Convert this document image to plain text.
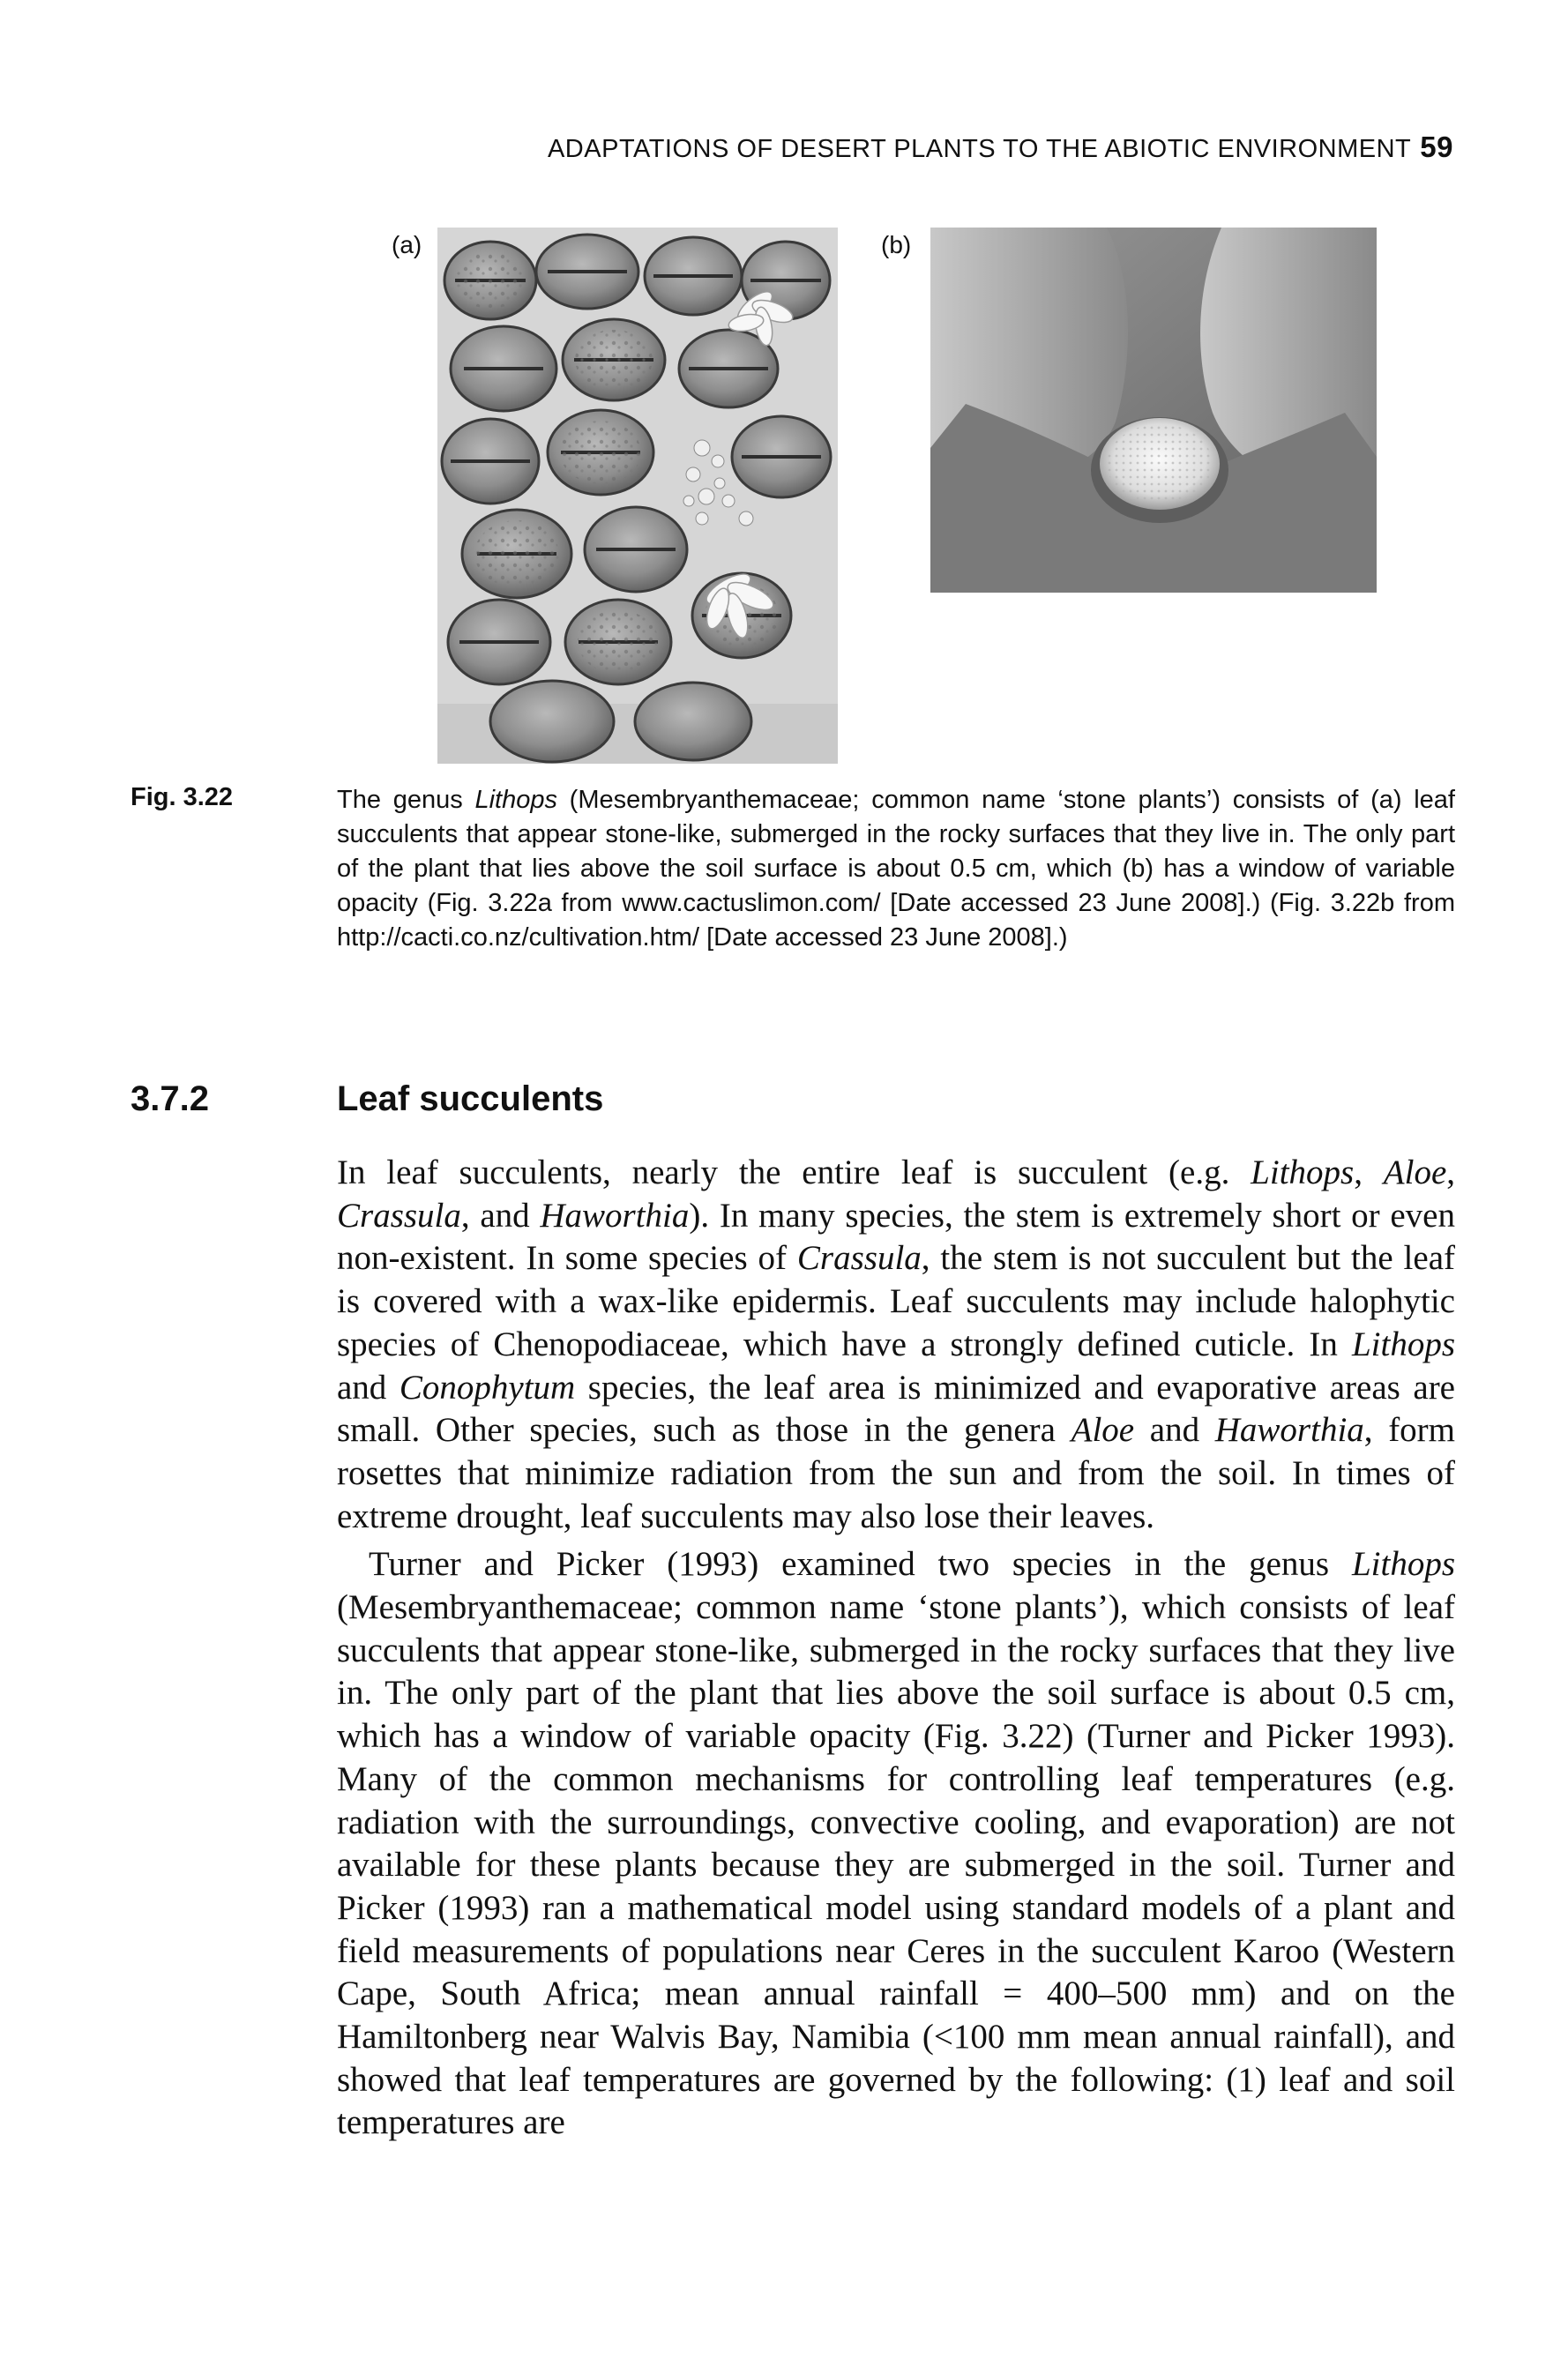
ADAPTATIONS OF DESERT PLANTS TO THE ABIOTIC ENVIRONMENT 59
(a)	(b)
Fig. 3.22	The genus Lithops (Mesembryanthemaceae; common name ‘stone plants’) consists of (a) leaf succulents that appear stone-like, submerged in the rocky surfaces that they live in. The only part of the plant that lies above the soil surface is about 0.5 cm, which (b) has a window of variable opacity (Fig. 3.22a from www.cactuslimon.com/ [Date accessed 23 June 2008].) (Fig. 3.22b from http://cacti.co.nz/cultivation.htm/ [Date accessed 23 June 2008].)
3.7.2	Leaf succulents

In leaf succulents, nearly the entire leaf is succulent (e.g. Lithops, Aloe, Crassula, and Haworthia). In many species, the stem is extremely short or even non-existent. In some species of Crassula, the stem is not succulent but the leaf is covered with a wax-like epidermis. Leaf succulents may include halophytic species of Chenopodiaceae, which have a strongly defined cuticle. In Lithops and Conophytum species, the leaf area is minimized and evaporative areas are small. Other species, such as those in the genera Aloe and Haworthia, form rosettes that minimize radiation from the sun and from the soil. In times of extreme drought, leaf succulents may also lose their leaves.

Turner and Picker (1993) examined two species in the genus Lithops (Mesembryanthemaceae; common name ‘stone plants’), which consists of leaf succulents that appear stone-like, submerged in the rocky surfaces that they live in. The only part of the plant that lies above the soil surface is about 0.5 cm, which has a window of variable opacity (Fig. 3.22) (Turner and Picker 1993). Many of the common mechanisms for controlling leaf temperatures (e.g. radiation with the surroundings, convective cooling, and evaporation) are not available for these plants because they are submerged in the soil. Turner and Picker (1993) ran a mathematical model using standard models of a plant and field measurements of populations near Ceres in the succulent Karoo (Western Cape, South Africa; mean annual rainfall = 400–500 mm) and on the Hamiltonberg near Walvis Bay, Namibia (<100 mm mean annual rainfall), and showed that leaf temperatures are governed by the following: (1) leaf and soil temperatures are
